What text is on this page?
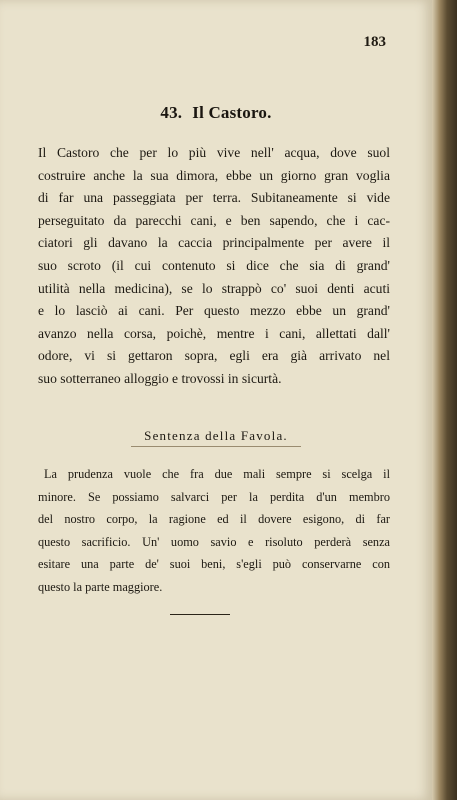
183
43. Il Castoro.
Il Castoro che per lo più vive nell' acqua, dove suol
costruire anche la sua dimora, ebbe un giorno gran voglia
di far una passeggiata per terra. Subitaneamente si vide
perseguitato da parecchi cani, e ben sapendo, che i cac-
ciatori gli davano la caccia principalmente per avere il
suo scroto (il cui contenuto si dice che sia di grand'
utilità nella medicina), se lo strappò co' suoi denti acuti
e lo lasciò ai cani. Per questo mezzo ebbe un grand'
avanzo nella corsa, poichè, mentre i cani, allettati dall'
odore, vi si gettaron sopra, egli era già arrivato nel
suo sotterraneo alloggio e trovossi in sicurtà.
Sentenza della Favola.
La prudenza vuole che fra due mali sempre si scelga il
minore. Se possiamo salvarci per la perdita d'un membro
del nostro corpo, la ragione ed il dovere esigono, di far
questo sacrificio. Un' uomo savio e risoluto perderà senza
esitare una parte de' suoi beni, s'egli può conservarne con
questo la parte maggiore.
